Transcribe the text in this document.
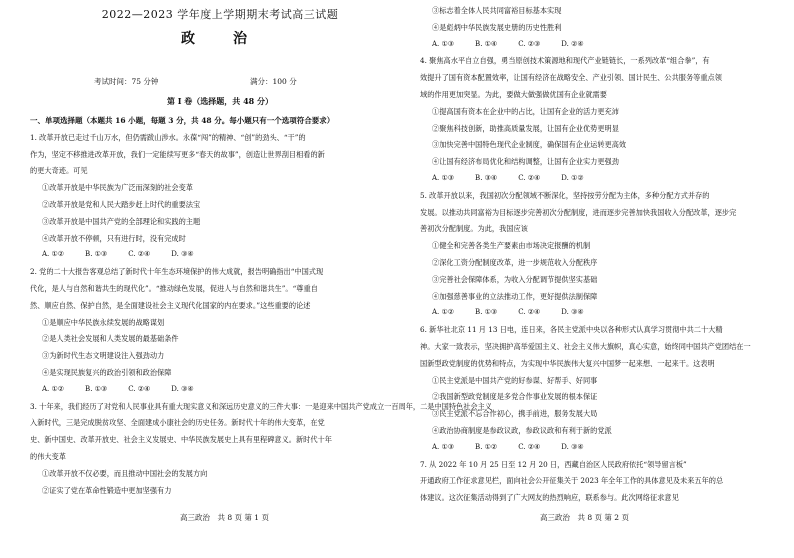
2022—2023 学年度上学期期末考试高三试题
政　治
考试时间：75 分钟	满分：100 分
第 Ⅰ 卷（选择题，共 48 分）
一、单项选择题（本题共 16 小题，每题 3 分，共 48 分。每小题只有一个选项符合要求）
1. 改革开放已走过千山万水，但仍需跋山涉水。永葆“闯”的精神、“创”的劲头、“干”的
作为，坚定不移推进改革开放，我们一定能续写更多“春天的故事”，创造让世界刮目相看的新
的更大奇迹。可见
①改革开放是中华民族为广泛而深刻的社会变革
②改革开放是党和人民大踏步赶上时代的重要法宝
③改革开放是中国共产党的全部理论和实践的主题
④改革开放不停顿，只有进行时，没有完成时
A. ①②　　　B. ①③　　　C. ②④　　　D. ③④
2. 党的二十大报告客观总结了新时代十年生态环境保护的伟大成就，报告明确指出“中国式现
代化，是人与自然和谐共生的现代化”。“推动绿色发展，促进人与自然和谐共生”。“尊重自
然、顺应自然、保护自然，是全面建设社会主义现代化国家的内在要求。”这些重要的论述
①是顺应中华民族永续发展的战略谋划
②是人类社会发展和人类发展的最基础条件
③为新时代生态文明建设注入强劲动力
④是实现民族复兴的政治引领和政治保障
A. ①②　　　B. ①③　　　C. ②④　　　D. ③④
3. 十年来，我们经历了对党和人民事业具有重大现实意义和深远历史意义的三件大事：一是迎来中国共产党成立一百周年，二是中国特色社会主义
入新时代，三是完成脱贫攻坚、全面建成小康社会的历史任务。新时代十年的伟大变革，在党
史、新中国史、改革开放史、社会主义发展史、中华民族发展史上具有里程碑意义。新时代十年
的伟大变革
①改革开放不仅必要，而且推动中国社会的发展方向
②证实了党在革命性锻造中更加坚强有力
高三政治　共 8 页 第 1 页
③标志着全体人民共同富裕目标基本实现
④是彪炳中华民族发展史册的历史性胜利
A. ①③　　　B. ①④　　　C. ②③　　　D. ②④
4. 聚焦高水平自立自强，勇当原创技术策源地和现代产业链链长，一系列改革“组合拳”，有
效提升了国有资本配置效率，让国有经济在战略安全、产业引领、国计民生、公共服务等重点领
域的作用更加突显。为此，要做大做强做优国有企业就需要
①提高国有资本在企业中的占比，让国有企业的活力更充沛
②聚焦科技创新，助推高质量发展，让国有企业优势更明显
③加快完善中国特色现代企业制度，确保国有企业运转更高效
④让国有经济布局优化和结构调整，让国有企业实力更强劲
A. ①③　　　B. ③④　　　C. ②④　　　D. ①②
5. 改革开放以来，我国初次分配领域不断深化，坚持按劳分配为主体，多种分配方式并存的
发展。以推动共同富裕为目标逐步完善初次分配制度，进而逐步完善加快我国收入分配改革，逐步完
善初次分配制度。为此，我国应该
①健全和完善各类生产要素由市场决定报酬的机制
②深化工资分配制度改革，进一步规范收入分配秩序
③完善社会保障体系，为收入分配调节提供坚实基础
④加强慈善事业的立法推动工作，更好提供法制保障
A. ①②　　　B. ①③　　　C. ②④　　　D. ③④
6. 新华社北京 11 月 13 日电，连日来，各民主党派中央以各种形式认真学习贯彻中共二十大精
神。大家一致表示，坚决拥护高举爱国主义、社会主义伟大旗帜，真心实意，始终同中国共产党团结在一
国新型政党制度的优势和特点，为实现中华民族伟大复兴中国梦一起来想、一起来干。这表明
①民主党派是中国共产党的好参谋、好帮手、好同事
②我国新型政党制度是多党合作事业发展的根本保证
③民主党派不忘合作初心，携手前进，服务发展大局
④政治协商制度是参政议政，参政议政和有利于新的党派
A. ①③　　　B. ①②　　　C. ②④　　　D. ③④
7. 从 2022 年 10 月 25 日至 12 月 20 日，西藏自治区人民政府依托“领导留言板”
开通政府工作征求意见栏，面向社会公开征集关于 2023 年全年工作的具体意见及未来五年的总
体建议。这次征集活动得到了广大网友的热烈响应，联系参与。此次网络征求意见
高三政治　共 8 页 第 2 页
